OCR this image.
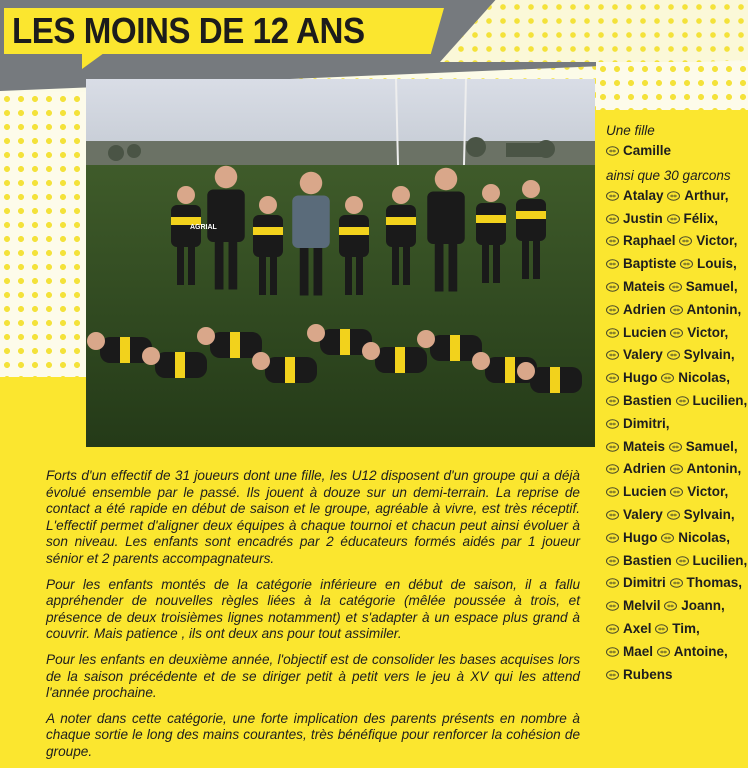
LES MOINS DE 12 ANS
AGRIAL

Forts d'un effectif de 31 joueurs dont une fille, les U12 disposent d'un groupe qui a déjà évolué ensemble par le passé. Ils jouent à douze sur un demi-terrain. La reprise de contact a été rapide en début de saison et le groupe, agréable à vivre, est très réceptif. L'effectif permet d'aligner deux équipes à chaque tournoi et chacun peut ainsi évoluer à son niveau. Les enfants sont encadrés par 2 éducateurs formés aidés par 1 joueur sénior et 2 parents accompagnateurs.

Pour les enfants montés de la catégorie inférieure en début de saison, il a fallu appréhender de nouvelles règles liées à la catégorie (mêlée poussée à trois, et présence de deux troisièmes lignes notamment) et s'adapter à un espace plus grand à couvrir. Mais patience , ils ont deux ans pour tout assimiler.

Pour les enfants en deuxième année, l'objectif est de consolider les bases acquises lors de la saison précédente et de se diriger petit à petit vers le jeu à XV qui les attend l'année prochaine.

A noter dans cette catégorie, une forte implication des parents présents en nombre à chaque sortie le long des mains courantes, très bénéfique pour renforcer la cohésion de groupe.

Une fille
Camille
ainsi que 30 garcons
Atalay Arthur,
Justin Félix,
Raphael Victor,
Baptiste Louis,
Mateis Samuel,
Adrien Antonin,
Lucien Victor,
Valery Sylvain,
Hugo Nicolas,
Bastien Lucilien,
Dimitri,
Mateis Samuel,
Adrien Antonin,
Lucien Victor,
Valery Sylvain,
Hugo Nicolas,
Bastien Lucilien,
Dimitri Thomas,
Melvil Joann,
Axel Tim,
Mael Antoine,
Rubens
